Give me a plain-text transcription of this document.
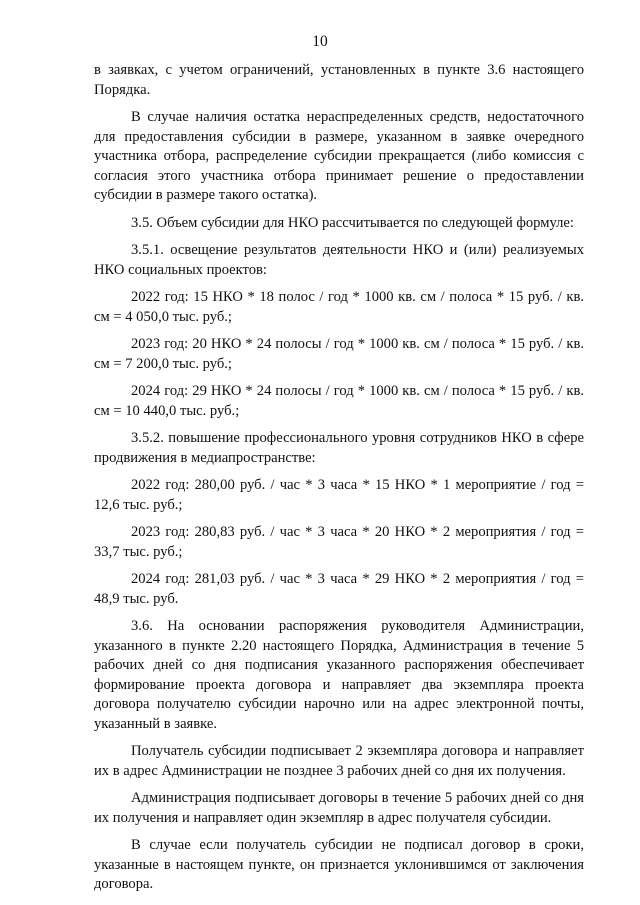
10

в заявках, с учетом ограничений, установленных в пункте 3.6 настоящего Порядка.

В случае наличия остатка нераспределенных средств, недостаточного для предоставления субсидии в размере, указанном в заявке очередного участника отбора, распределение субсидии прекращается (либо комиссия с согласия этого участника отбора принимает решение о предоставлении субсидии в размере такого остатка).

3.5. Объем субсидии для НКО рассчитывается по следующей формуле:

3.5.1. освещение результатов деятельности НКО и (или) реализуемых НКО социальных проектов:

2022 год: 15 НКО * 18 полос / год * 1000 кв. см / полоса * 15 руб. / кв. см = 4 050,0 тыс. руб.;

2023 год: 20 НКО * 24 полосы / год * 1000 кв. см / полоса * 15 руб. / кв. см = 7 200,0 тыс. руб.;

2024 год: 29 НКО * 24 полосы / год * 1000 кв. см / полоса * 15 руб. / кв. см = 10 440,0 тыс. руб.;

3.5.2. повышение профессионального уровня сотрудников НКО в сфере продвижения в медиапространстве:

2022 год: 280,00 руб. / час * 3 часа * 15 НКО * 1 мероприятие / год = 12,6 тыс. руб.;

2023 год: 280,83 руб. / час * 3 часа * 20 НКО * 2 мероприятия / год = 33,7 тыс. руб.;

2024 год: 281,03 руб. / час * 3 часа * 29 НКО * 2 мероприятия / год = 48,9 тыс. руб.

3.6. На основании распоряжения руководителя Администрации, указанного в пункте 2.20 настоящего Порядка, Администрация в течение 5 рабочих дней со дня подписания указанного распоряжения обеспечивает формирование проекта договора и направляет два экземпляра проекта договора получателю субсидии нарочно или на адрес электронной почты, указанный в заявке.

Получатель субсидии подписывает 2 экземпляра договора и направляет их в адрес Администрации не позднее 3 рабочих дней со дня их получения.

Администрация подписывает договоры в течение 5 рабочих дней со дня их получения и направляет один экземпляр в адрес получателя субсидии.

В случае если получатель субсидии не подписал договор в сроки, указанные в настоящем пункте, он признается уклонившимся от заключения договора.
